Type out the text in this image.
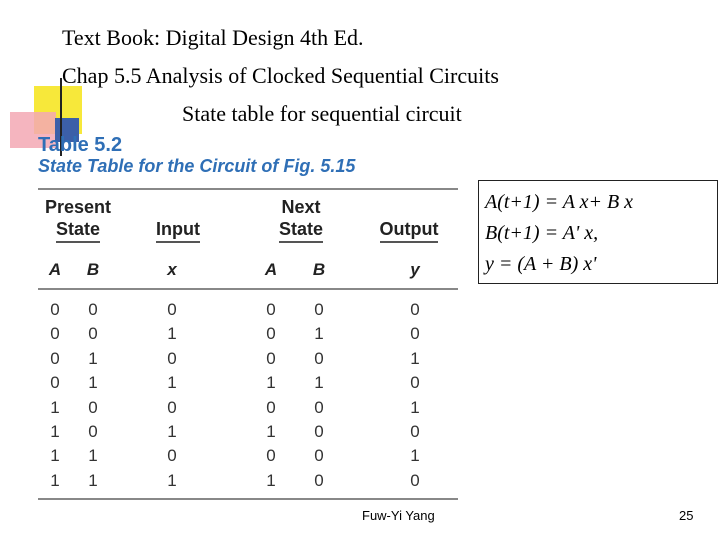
Text Book: Digital Design 4th Ed.
Chap 5.5 Analysis of Clocked Sequential Circuits
State table for sequential circuit
Table 5.2
State Table for the Circuit of Fig. 5.15
Present
State	Input
Next
State	Output
A	B	x	A	B	y
0	0	0	0	0	0
0	0	1	0	1	0
0	1	0	0	0	1
0	1	1	1	1	0
1	0	0	0	0	1
1	0	1	1	0	0
1	1	0	0	0	1
1	1	1	1	0	0
A(t+1) = A x+ B x
B(t+1) = A' x,
y = (A + B) x'
Fuw-Yi Yang	25
